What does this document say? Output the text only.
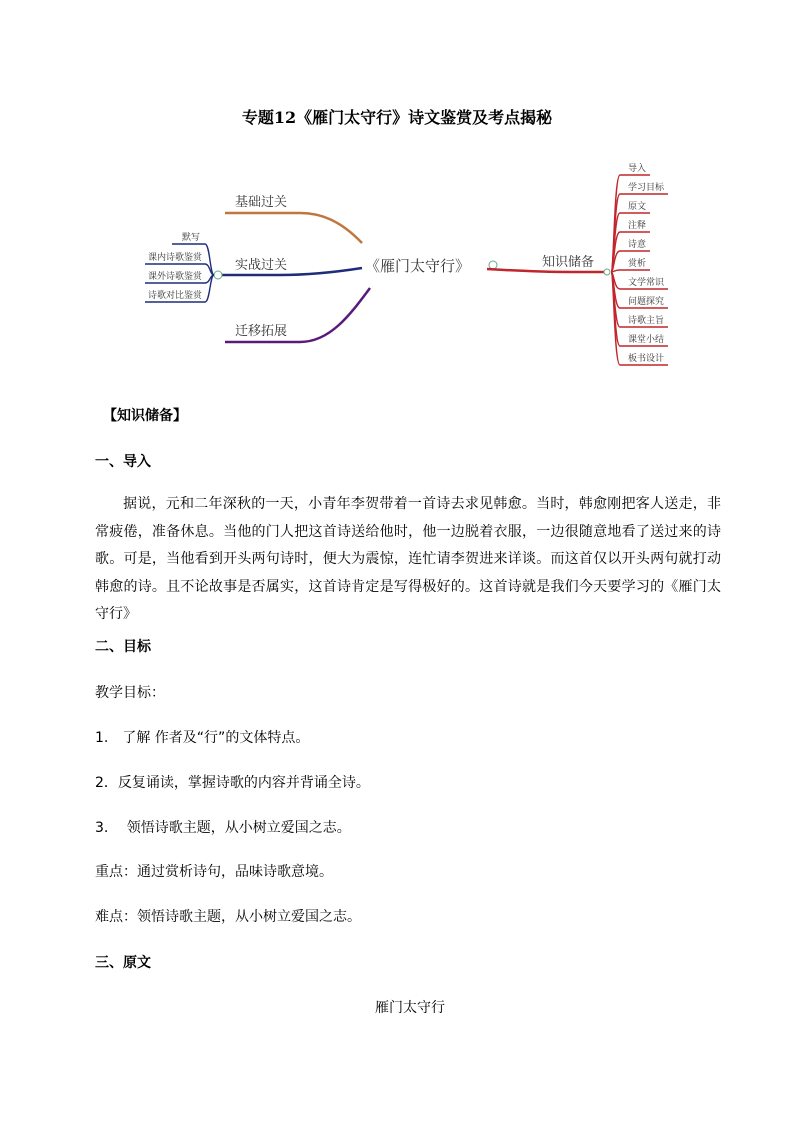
专题12《雁门太守行》诗文鉴赏及考点揭秘
基础过关
实战过关
默写
课内诗歌鉴赏
课外诗歌鉴赏
诗歌对比鉴赏
迁移拓展
《雁门太守行》	知识储备
导入
学习目标
原文
注释
诗意
赏析
文学常识
问题探究
诗歌主旨
课堂小结
板书设计
【知识储备】
一、导入
据说，元和二年深秋的一天，小青年李贺带着一首诗去求见韩愈。当时，韩愈刚把客人送走，非常疲倦，准备休息。当他的门人把这首诗送给他时，他一边脱着衣服，一边很随意地看了送过来的诗歌。可是，当他看到开头两句诗时，便大为震惊，连忙请李贺进来详谈。而这首仅以开头两句就打动韩愈的诗。且不论故事是否属实，这首诗肯定是写得极好的。这首诗就是我们今天要学习的《雁门太守行》
二、目标
教学目标：
1.　了解 作者及“行”的文体特点。
2．反复诵读，掌握诗歌的内容并背诵全诗。
3.　 领悟诗歌主题，从小树立爱国之志。
重点：通过赏析诗句，品味诗歌意境。
难点：领悟诗歌主题，从小树立爱国之志。
三、原文
雁门太守行
